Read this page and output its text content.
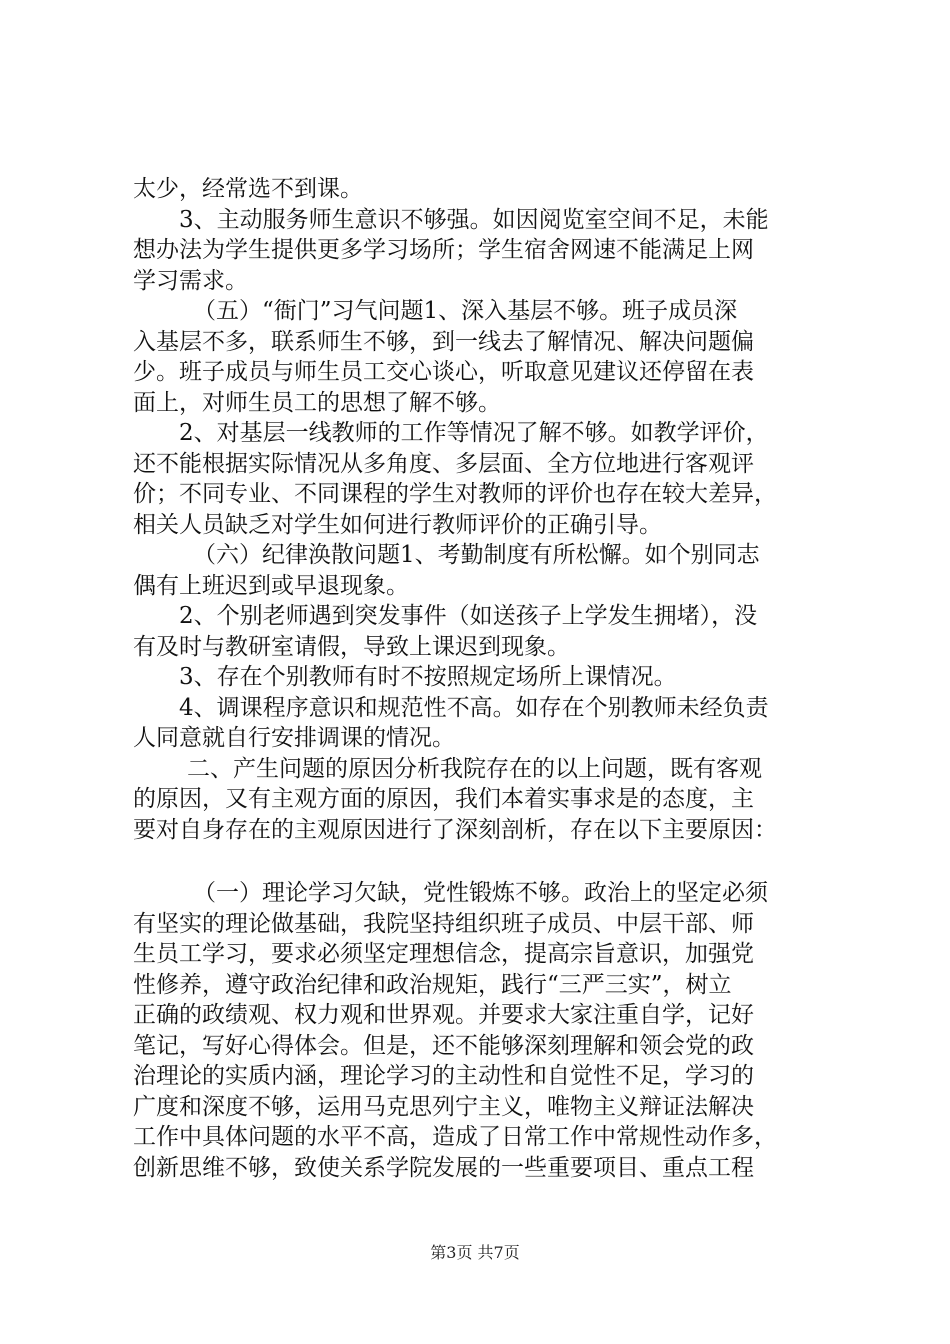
太少，经常选不到课。
3、主动服务师生意识不够强。如因阅览室空间不足，未能
想办法为学生提供更多学习场所；学生宿舍网速不能满足上网
学习需求。
（五）“衙门”习气问题1、深入基层不够。班子成员深
入基层不多，联系师生不够，到一线去了解情况、解决问题偏
少。班子成员与师生员工交心谈心，听取意见建议还停留在表
面上，对师生员工的思想了解不够。
2、对基层一线教师的工作等情况了解不够。如教学评价，
还不能根据实际情况从多角度、多层面、全方位地进行客观评
价；不同专业、不同课程的学生对教师的评价也存在较大差异，
相关人员缺乏对学生如何进行教师评价的正确引导。
（六）纪律涣散问题1、考勤制度有所松懈。如个别同志
偶有上班迟到或早退现象。
2、个别老师遇到突发事件（如送孩子上学发生拥堵），没
有及时与教研室请假，导致上课迟到现象。
3、存在个别教师有时不按照规定场所上课情况。
4、调课程序意识和规范性不高。如存在个别教师未经负责
人同意就自行安排调课的情况。
二、产生问题的原因分析我院存在的以上问题，既有客观
的原因，又有主观方面的原因，我们本着实事求是的态度，主
要对自身存在的主观原因进行了深刻剖析，存在以下主要原因：
（一）理论学习欠缺，党性锻炼不够。政治上的坚定必须
有坚实的理论做基础，我院坚持组织班子成员、中层干部、师
生员工学习，要求必须坚定理想信念，提高宗旨意识，加强党
性修养，遵守政治纪律和政治规矩，践行“三严三实”，树立
正确的政绩观、权力观和世界观。并要求大家注重自学，记好
笔记，写好心得体会。但是，还不能够深刻理解和领会党的政
治理论的实质内涵，理论学习的主动性和自觉性不足，学习的
广度和深度不够，运用马克思列宁主义，唯物主义辩证法解决
工作中具体问题的水平不高，造成了日常工作中常规性动作多，
创新思维不够，致使关系学院发展的一些重要项目、重点工程
第3页 共7页
